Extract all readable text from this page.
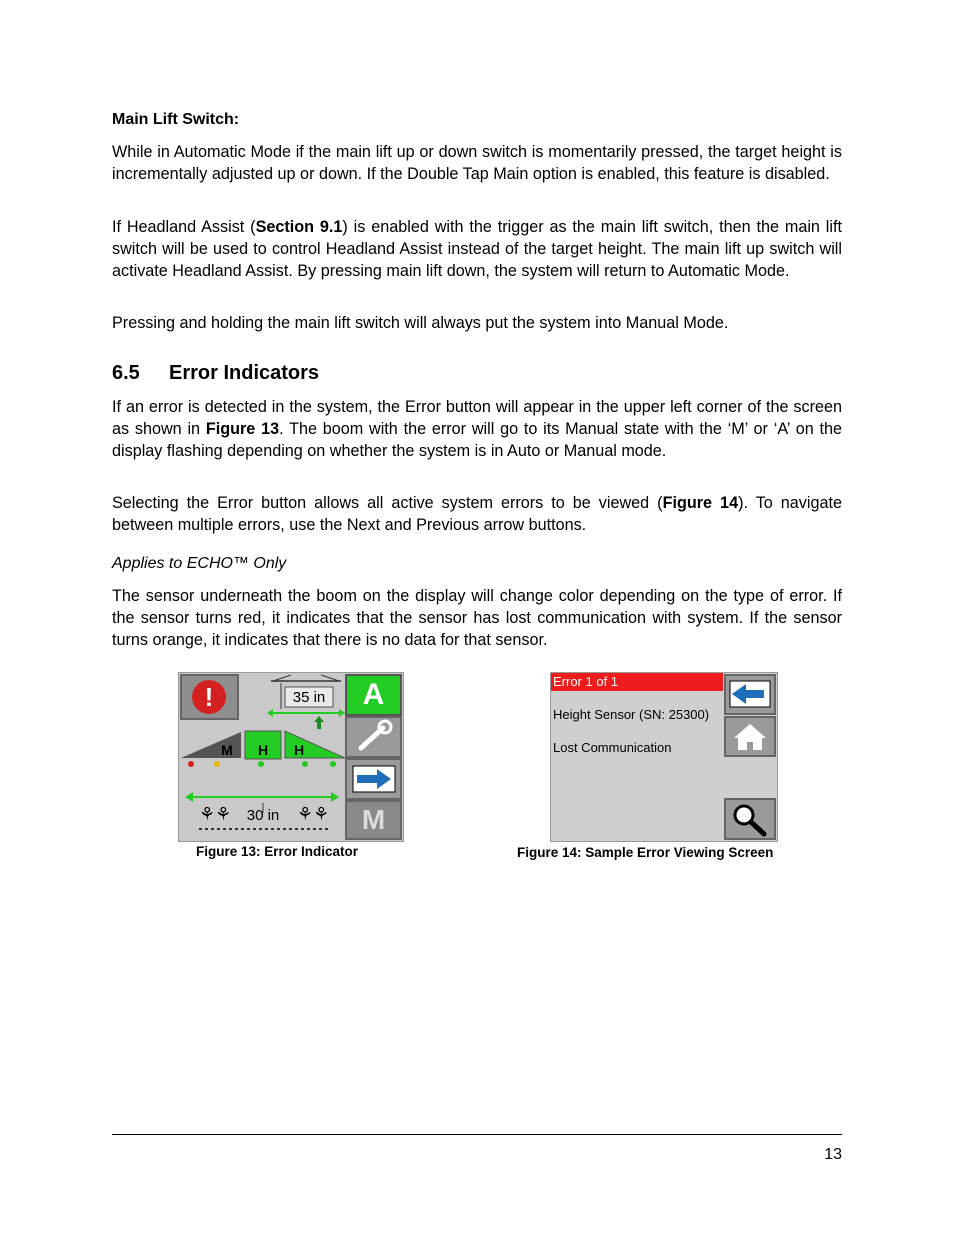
Main Lift Switch:

While in Automatic Mode if the main lift up or down switch is momentarily pressed, the target height is incrementally adjusted up or down. If the Double Tap Main option is enabled, this feature is disabled.

If Headland Assist (Section 9.1) is enabled with the trigger as the main lift switch, then the main lift switch will be used to control Headland Assist instead of the target height. The main lift up switch will activate Headland Assist. By pressing main lift down, the system will return to Automatic Mode.

Pressing and holding the main lift switch will always put the system into Manual Mode.

6.5 Error Indicators

If an error is detected in the system, the Error button will appear in the upper left corner of the screen as shown in Figure 13. The boom with the error will go to its Manual state with the ‘M’ or ‘A’ on the display flashing depending on whether the system is in Auto or Manual mode.

Selecting the Error button allows all active system errors to be viewed (Figure 14). To navigate between multiple errors, use the Next and Previous arrow buttons.

Applies to ECHO™ Only

The sensor underneath the boom on the display will change color depending on the type of error. If the sensor turns red, it indicates that the sensor has lost communication with system. If the sensor turns orange, it indicates that there is no data for that sensor.

!	35 in	A
M H H
M
⚘⚘	⚘⚘
30 in

Figure 13: Error Indicator

Error 1 of 1
Height Sensor (SN: 25300)
Lost Communication

Figure 14: Sample Error Viewing Screen

13
